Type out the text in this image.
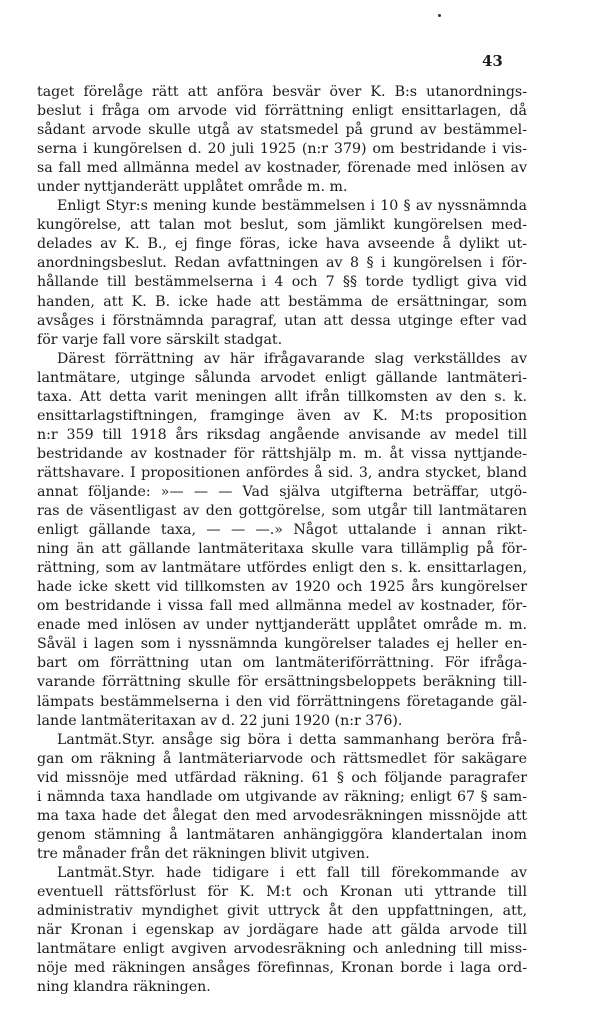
43
taget förelåge rätt att anföra besvär över K. B:s utanordnings-
beslut i fråga om arvode vid förrättning enligt ensittarlagen, då
sådant arvode skulle utgå av statsmedel på grund av bestämmel-
serna i kungörelsen d. 20 juli 1925 (n:r 379) om bestridande i vis-
sa fall med allmänna medel av kostnader, förenade med inlösen av
under nyttjanderätt upplåtet område m. m.
Enligt Styr:s mening kunde bestämmelsen i 10 § av nyssnämnda
kungörelse, att talan mot beslut, som jämlikt kungörelsen med-
delades av K. B., ej finge föras, icke hava avseende å dylikt ut-
anordningsbeslut. Redan avfattningen av 8 § i kungörelsen i för-
hållande till bestämmelserna i 4 och 7 §§ torde tydligt giva vid
handen, att K. B. icke hade att bestämma de ersättningar, som
avsåges i förstnämnda paragraf, utan att dessa utginge efter vad
för varje fall vore särskilt stadgat.
Därest förrättning av här ifrågavarande slag verkställdes av
lantmätare, utginge sålunda arvodet enligt gällande lantmäteri-
taxa. Att detta varit meningen allt ifrån tillkomsten av den s. k.
ensittarlagstiftningen, framginge även av K. M:ts proposition
n:r 359 till 1918 års riksdag angående anvisande av medel till
bestridande av kostnader för rättshjälp m. m. åt vissa nyttjande-
rättshavare. I propositionen anfördes å sid. 3, andra stycket, bland
annat följande: »— — — Vad själva utgifterna beträffar, utgö-
ras de väsentligast av den gottgörelse, som utgår till lantmätaren
enligt gällande taxa, — — —.» Något uttalande i annan rikt-
ning än att gällande lantmäteritaxa skulle vara tillämplig på för-
rättning, som av lantmätare utfördes enligt den s. k. ensittarlagen,
hade icke skett vid tillkomsten av 1920 och 1925 års kungörelser
om bestridande i vissa fall med allmänna medel av kostnader, för-
enade med inlösen av under nyttjanderätt upplåtet område m. m.
Såväl i lagen som i nyssnämnda kungörelser talades ej heller en-
bart om förrättning utan om lantmäteriförrättning. För ifråga-
varande förrättning skulle för ersättningsbeloppets beräkning till-
lämpats bestämmelserna i den vid förrättningens företagande gäl-
lande lantmäteritaxan av d. 22 juni 1920 (n:r 376).
Lantmät.Styr. ansåge sig böra i detta sammanhang beröra frå-
gan om räkning å lantmäteriarvode och rättsmedlet för sakägare
vid missnöje med utfärdad räkning. 61 § och följande paragrafer
i nämnda taxa handlade om utgivande av räkning; enligt 67 § sam-
ma taxa hade det ålegat den med arvodesräkningen missnöjde att
genom stämning å lantmätaren anhängiggöra klandertalan inom
tre månader från det räkningen blivit utgiven.
Lantmät.Styr. hade tidigare i ett fall till förekommande av
eventuell rättsförlust för K. M:t och Kronan uti yttrande till
administrativ myndighet givit uttryck åt den uppfattningen, att,
när Kronan i egenskap av jordägare hade att gälda arvode till
lantmätare enligt avgiven arvodesräkning och anledning till miss-
nöje med räkningen ansåges förefinnas, Kronan borde i laga ord-
ning klandra räkningen.
